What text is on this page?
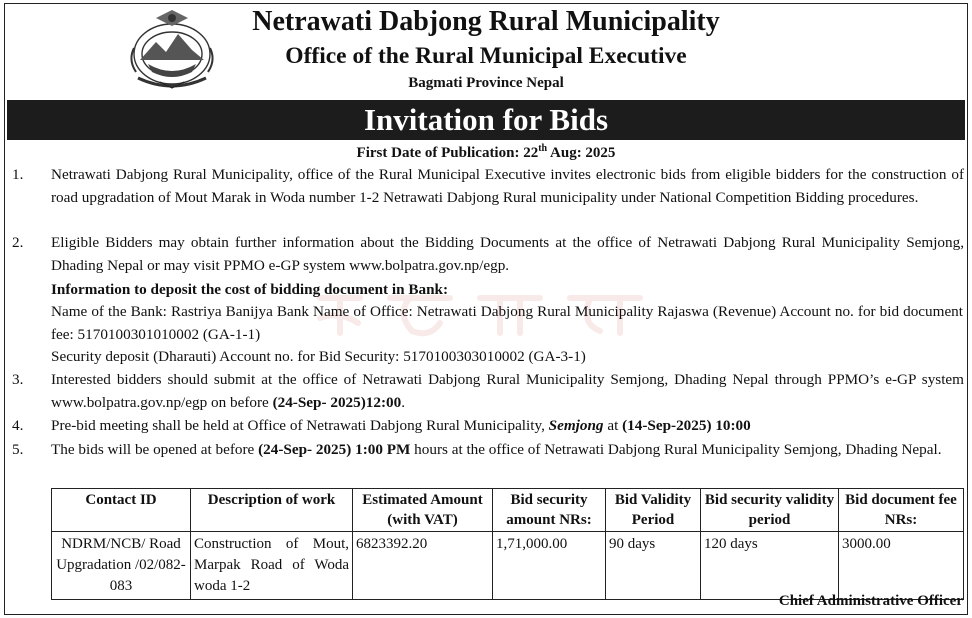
Netrawati Dabjong Rural Municipality
Office of the Rural Municipal Executive
Bagmati Province Nepal
Invitation for Bids
First Date of Publication: 22th Aug: 2025
1.	Netrawati Dabjong Rural Municipality, office of the Rural Municipal Executive invites electronic bids from eligible bidders for the construction of road upgradation of Mout Marak in Woda number 1-2 Netrawati Dabjong Rural municipality under National Competition Bidding procedures.
2.	Eligible Bidders may obtain further information about the Bidding Documents at the office of Netrawati Dabjong Rural Municipality Semjong, Dhading Nepal or may visit PPMO e-GP system www.bolpatra.gov.np/egp.
Information to deposit the cost of bidding document in Bank:
Name of the Bank: Rastriya Banijya Bank Name of Office: Netrawati Dabjong Rural Municipality Rajaswa (Revenue) Account no. for bid document fee: 5170100301010002 (GA-1-1)
Security deposit (Dharauti) Account no. for Bid Security: 5170100303010002 (GA-3-1)
3.	Interested bidders should submit at the office of Netrawati Dabjong Rural Municipality Semjong, Dhading Nepal through PPMO’s e-GP system www.bolpatra.gov.np/egp on before (24-Sep- 2025)12:00.
4.	Pre-bid meeting shall be held at Office of Netrawati Dabjong Rural Municipality, Semjong at (14-Sep-2025) 10:00
5.	The bids will be opened at before (24-Sep- 2025) 1:00 PM hours at the office of Netrawati Dabjong Rural Municipality Semjong, Dhading Nepal.
Contact ID	Description of work	Estimated Amount (with VAT)	Bid security amount NRs:	Bid Validity Period	Bid security validity period	Bid document fee NRs:
NDRM/NCB/ Road Upgradation /02/082-083	Construction of Mout, Marpak Road of Woda woda 1-2	6823392.20	1,71,000.00	90 days	120 days	3000.00
Chief Administrative Officer
